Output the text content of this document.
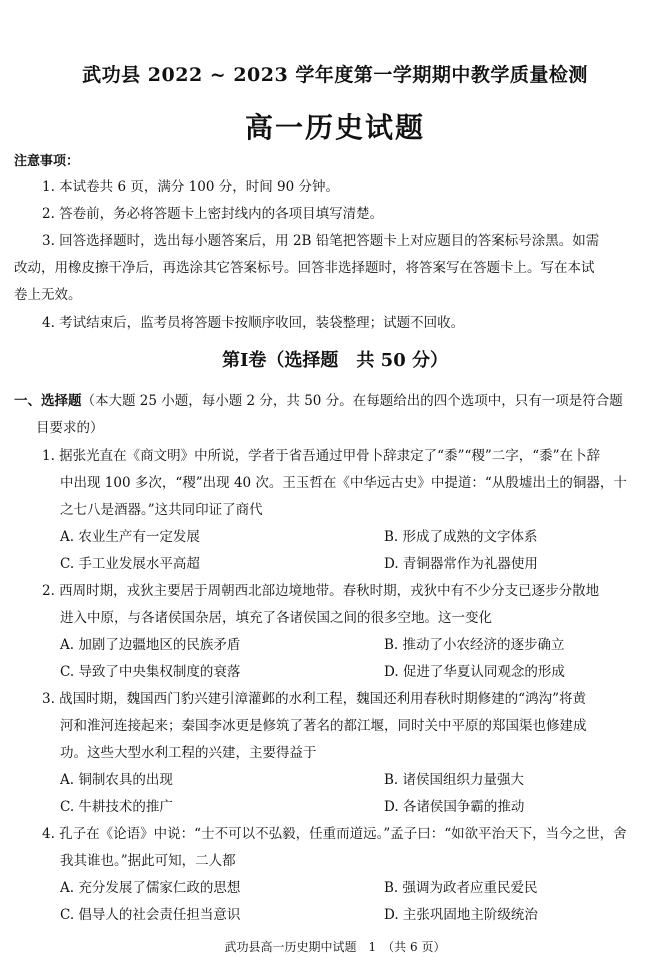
武功县 2022 ~ 2023 学年度第一学期期中教学质量检测
高一历史试题
注意事项：
1. 本试卷共 6 页，满分 100 分，时间 90 分钟。
2. 答卷前，务必将答题卡上密封线内的各项目填写清楚。
3. 回答选择题时，选出每小题答案后，用 2B 铅笔把答题卡上对应题目的答案标号涂黑。如需
改动，用橡皮擦干净后，再选涂其它答案标号。回答非选择题时，将答案写在答题卡上。写在本试
卷上无效。
4. 考试结束后，监考员将答题卡按顺序收回，装袋整理；试题不回收。
第Ⅰ卷（选择题　共 50 分）
一、选择题（本大题 25 小题，每小题 2 分，共 50 分。在每题给出的四个选项中，只有一项是符合题
目要求的）
1. 据张光直在《商文明》中所说，学者于省吾通过甲骨卜辞隶定了“黍”“稷”二字，“黍”在卜辞
中出现 100 多次，“稷”出现 40 次。王玉哲在《中华远古史》中提道：“从殷墟出土的铜器，十
之七八是酒器。”这共同印证了商代
A. 农业生产有一定发展	B. 形成了成熟的文字体系
C. 手工业发展水平高超	D. 青铜器常作为礼器使用
2. 西周时期，戎狄主要居于周朝西北部边境地带。春秋时期，戎狄中有不少分支已逐步分散地
进入中原，与各诸侯国杂居，填充了各诸侯国之间的很多空地。这一变化
A. 加剧了边疆地区的民族矛盾	B. 推动了小农经济的逐步确立
C. 导致了中央集权制度的衰落	D. 促进了华夏认同观念的形成
3. 战国时期，魏国西门豹兴建引漳灌邺的水利工程，魏国还利用春秋时期修建的“鸿沟”将黄
河和淮河连接起来；秦国李冰更是修筑了著名的都江堰，同时关中平原的郑国渠也修建成
功。这些大型水利工程的兴建，主要得益于
A. 铜制农具的出现	B. 诸侯国组织力量强大
C. 牛耕技术的推广	D. 各诸侯国争霸的推动
4. 孔子在《论语》中说：“士不可以不弘毅，任重而道远。”孟子曰：“如欲平治天下，当今之世，舍
我其谁也。”据此可知，二人都
A. 充分发展了儒家仁政的思想	B. 强调为政者应重民爱民
C. 倡导人的社会责任担当意识	D. 主张巩固地主阶级统治
武功县高一历史期中试题　1　（共 6 页）
